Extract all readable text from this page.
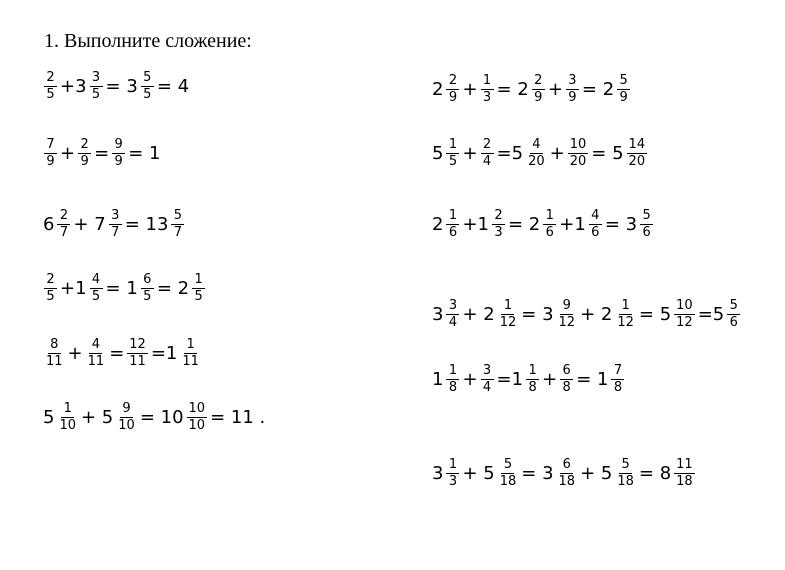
1. Выполните сложение:
$\frac{2}{5} +3 \frac{3}{5} = 3 \frac{5}{5} = 4$
$\frac{7}{9} + \frac{2}{9} = \frac{9}{9} = 1$
$6 \frac{2}{7} + 7 \frac{3}{7} = 13 \frac{5}{7}$
$\frac{2}{5} +1 \frac{4}{5} = 1 \frac{6}{5} = 2 \frac{1}{5}$
$\frac{8}{11} + \frac{4}{11} = \frac{12}{11} =1 \frac{1}{11}$
$5 \frac{1}{10} + 5 \frac{9}{10} = 10 \frac{10}{10} = 11$ .
$2 \frac{2}{9} + \frac{1}{3} = 2 \frac{2}{9} + \frac{3}{9} = 2 \frac{5}{9}$
$5 \frac{1}{5} + \frac{2}{4} =5 \frac{4}{20} + \frac{10}{20} = 5 \frac{14}{20}$
$2 \frac{1}{6} +1 \frac{2}{3} = 2 \frac{1}{6} +1 \frac{4}{6} = 3 \frac{5}{6}$
$3 \frac{3}{4} + 2 \frac{1}{12} = 3 \frac{9}{12} + 2 \frac{1}{12} = 5 \frac{10}{12} =5 \frac{5}{6}$
$1 \frac{1}{8} + \frac{3}{4} =1 \frac{1}{8} + \frac{6}{8} = 1 \frac{7}{8}$
$3 \frac{1}{3} + 5 \frac{5}{18} = 3 \frac{6}{18} + 5 \frac{5}{18} = 8 \frac{11}{18}$
